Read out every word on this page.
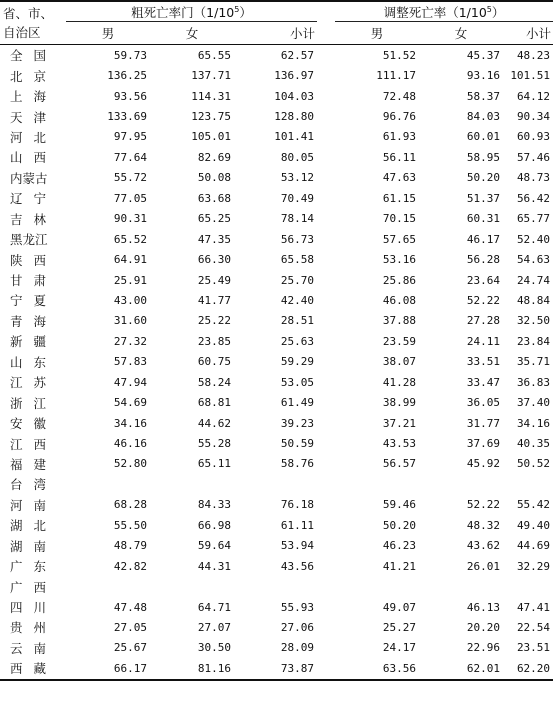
省、市、
自治区	粗死亡率门$(1/10^5)$				调整死亡率$(1/10^5)$		
	男	女	小计		男	女	小计
全国	59.73	65.55	62.57		51.52	45.37	48.23
北京	136.25	137.71	136.97		111.17	93.16	101.51
上海	93.56	114.31	104.03		72.48	58.37	64.12
天津	133.69	123.75	128.80		96.76	84.03	90.34
河北	97.95	105.01	101.41		61.93	60.01	60.93
山西	77.64	82.69	80.05		56.11	58.95	57.46
内蒙古	55.72	50.08	53.12		47.63	50.20	48.73
辽宁	77.05	63.68	70.49		61.15	51.37	56.42
吉林	90.31	65.25	78.14		70.15	60.31	65.77
黑龙江	65.52	47.35	56.73		57.65	46.17	52.40
陕西	64.91	66.30	65.58		53.16	56.28	54.63
甘肃	25.91	25.49	25.70		25.86	23.64	24.74
宁夏	43.00	41.77	42.40		46.08	52.22	48.84
青海	31.60	25.22	28.51		37.88	27.28	32.50
新疆	27.32	23.85	25.63		23.59	24.11	23.84
山东	57.83	60.75	59.29		38.07	33.51	35.71
江苏	47.94	58.24	53.05		41.28	33.47	36.83
浙江	54.69	68.81	61.49		38.99	36.05	37.40
安徽	34.16	44.62	39.23		37.21	31.77	34.16
江西	46.16	55.28	50.59		43.53	37.69	40.35
福建	52.80	65.11	58.76		56.57	45.92	50.52
台湾							
河南	68.28	84.33	76.18		59.46	52.22	55.42
湖北	55.50	66.98	61.11		50.20	48.32	49.40
湖南	48.79	59.64	53.94		46.23	43.62	44.69
广东	42.82	44.31	43.56		41.21	26.01	32.29
广西							
四川	47.48	64.71	55.93		49.07	46.13	47.41
贵州	27.05	27.07	27.06		25.27	20.20	22.54
云南	25.67	30.50	28.09		24.17	22.96	23.51
西藏	66.17	81.16	73.87		63.56	62.01	62.20
